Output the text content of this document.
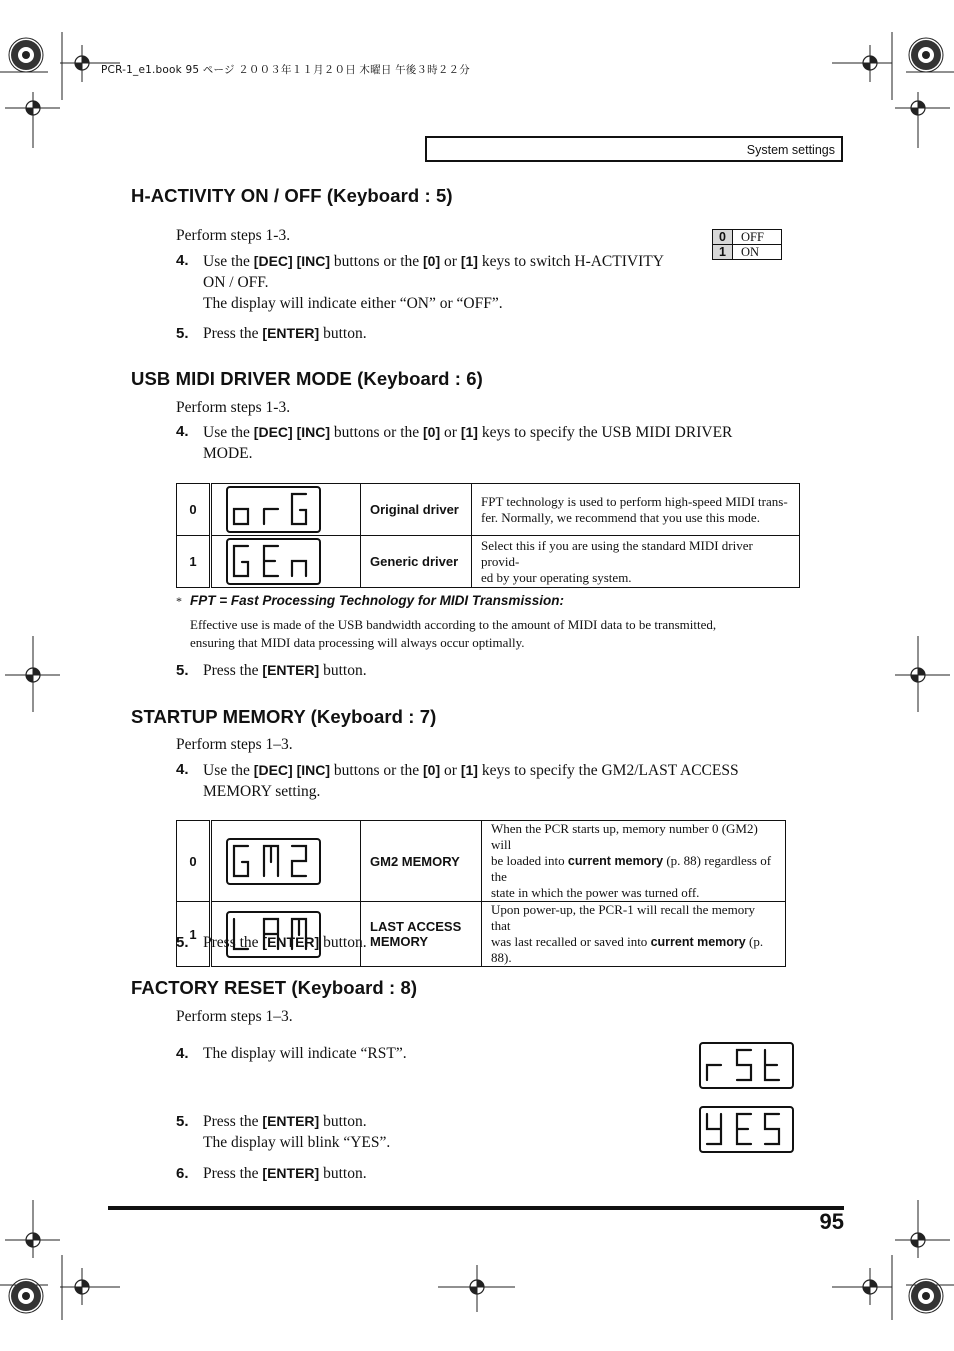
PCR-1_e1.book 95 ページ ２００３年１１月２０日 木曜日 午後３時２２分
System settings
H-ACTIVITY ON / OFF (Keyboard : 5)
Perform steps 1-3.
4. Use the [DEC] [INC] buttons or the [0] or [1] keys to switch H-ACTIVITY
ON / OFF.
The display will indicate either “ON” or “OFF”.
5. Press the [ENTER] button.
0	OFF
1	ON
USB MIDI DRIVER MODE (Keyboard : 6)
Perform steps 1-3.
4. Use the [DEC] [INC] buttons or the [0] or [1] keys to specify the USB MIDI DRIVER
MODE.
0		Original driver	FPT technology is used to perform high-speed MIDI trans-
fer. Normally, we recommend that you use this mode.
1		Generic driver	Select this if you are using the standard MIDI driver provid-
ed by your operating system.
* FPT = Fast Processing Technology for MIDI Transmission:
Effective use is made of the USB bandwidth according to the amount of MIDI data to be transmitted,
ensuring that MIDI data processing will always occur optimally.
5. Press the [ENTER] button.
STARTUP MEMORY (Keyboard : 7)
Perform steps 1–3.
4. Use the [DEC] [INC] buttons or the [0] or [1] keys to specify the GM2/LAST ACCESS
MEMORY setting.
0		GM2 MEMORY	When the PCR starts up, memory number 0 (GM2) will
be loaded into current memory (p. 88) regardless of the
state in which the power was turned off.
1		LAST ACCESS
MEMORY	Upon power-up, the PCR-1 will recall the memory that
was last recalled or saved into current memory (p. 88).
5. Press the [ENTER] button.
FACTORY RESET (Keyboard : 8)
Perform steps 1–3.
4. The display will indicate “RST”.
5. Press the [ENTER] button.
The display will blink “YES”.
6. Press the [ENTER] button.
95
